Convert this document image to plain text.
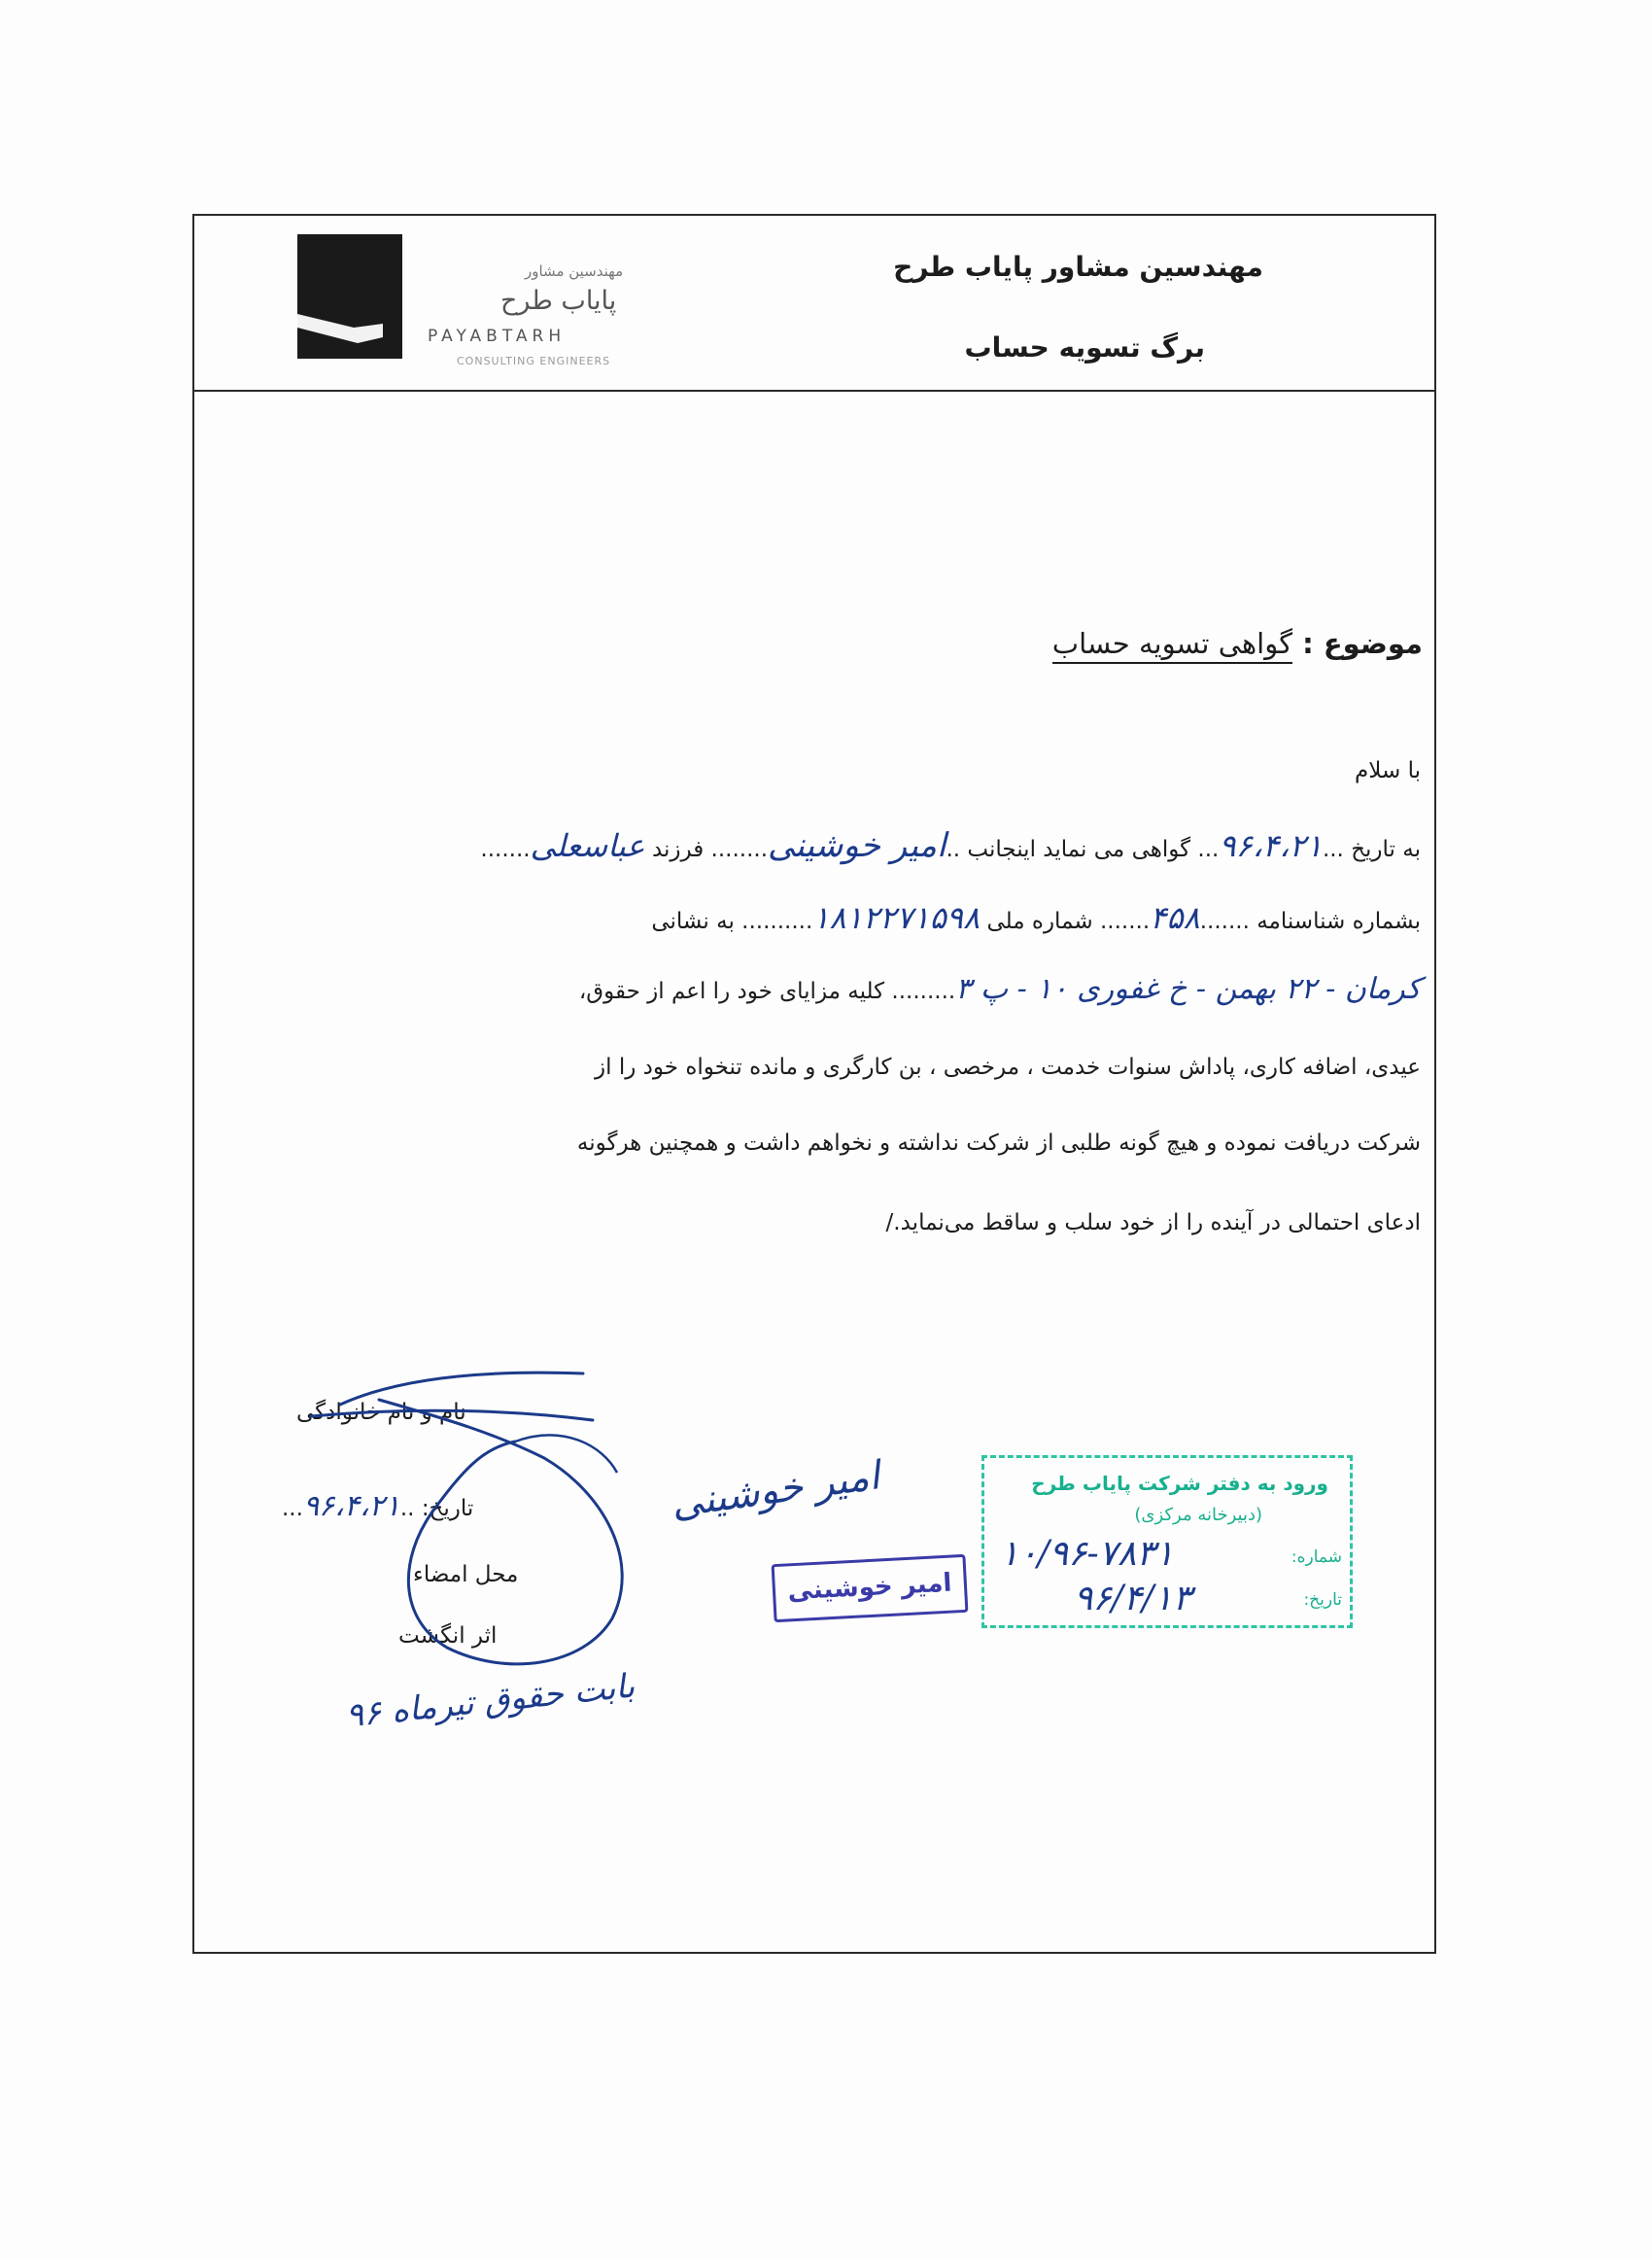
مهندسین مشاور پایاب طرح
برگ تسویه حساب
مهندسین مشاور
پایاب طرح
PAYABTARH
CONSULTING ENGINEERS
موضوع : گواهی تسویه حساب
با سلام
به تاریخ ...۹۶،۴،۲۱... گواهی می نماید اینجانب ..امیر خوشینی........ فرزند عباسعلی.......
بشماره شناسنامه .......۴۵۸....... شماره ملی ۱۸۱۲۲۷۱۵۹۸.......... به نشانی
کرمان - ۲۲ بهمن - خ غفوری ۱۰ - پ ۳......... کلیه مزایای خود را اعم از حقوق،
عیدی، اضافه کاری، پاداش سنوات خدمت ، مرخصی ، بن کارگری و مانده تنخواه خود را از
شرکت دریافت نموده و هیچ گونه طلبی از شرکت نداشته و نخواهم داشت و همچنین هرگونه
ادعای احتمالی در آینده را از خود سلب و ساقط می‌نماید./
نام و نام خانوادگی
تاریخ: ..۹۶،۴،۲۱...
محل امضاء
اثر انگشت
امیر خوشینی
بابت حقوق تیرماه ۹۶
امیر خوشینی
ورود به دفتر شرکت پایاب طرح
(دبیرخانه مرکزی)
شماره:
۱۰/۹۶-۷۸۳۱
تاریخ:
۹۶/۴/۱۳
